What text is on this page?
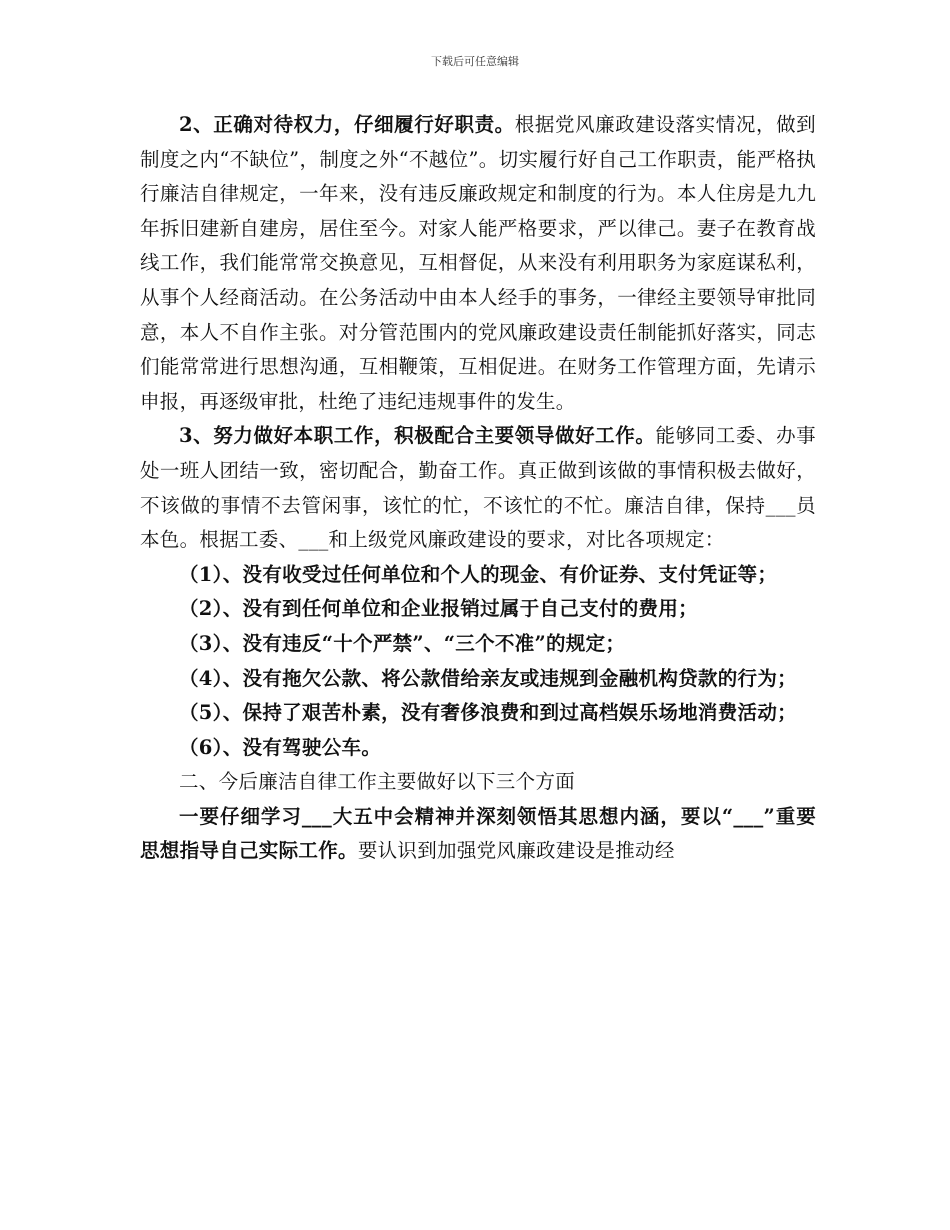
下载后可任意编辑

2、正确对待权力，仔细履行好职责。根据党风廉政建设落实情况，做到制度之内“不缺位”，制度之外“不越位”。切实履行好自己工作职责，能严格执行廉洁自律规定，一年来，没有违反廉政规定和制度的行为。本人住房是九九年拆旧建新自建房，居住至今。对家人能严格要求，严以律己。妻子在教育战线工作，我们能常常交换意见，互相督促，从来没有利用职务为家庭谋私利，从事个人经商活动。在公务活动中由本人经手的事务，一律经主要领导审批同意，本人不自作主张。对分管范围内的党风廉政建设责任制能抓好落实，同志们能常常进行思想沟通，互相鞭策，互相促进。在财务工作管理方面，先请示申报，再逐级审批，杜绝了违纪违规事件的发生。

3、努力做好本职工作，积极配合主要领导做好工作。能够同工委、办事处一班人团结一致，密切配合，勤奋工作。真正做到该做的事情积极去做好，不该做的事情不去管闲事，该忙的忙，不该忙的不忙。廉洁自律，保持___员本色。根据工委、___和上级党风廉政建设的要求，对比各项规定：

（1）、没有收受过任何单位和个人的现金、有价证券、支付凭证等；

（2）、没有到任何单位和企业报销过属于自己支付的费用；

（3）、没有违反“十个严禁”、“三个不准”的规定；

（4）、没有拖欠公款、将公款借给亲友或违规到金融机构贷款的行为；

（5）、保持了艰苦朴素，没有奢侈浪费和到过高档娱乐场地消费活动；

（6）、没有驾驶公车。

二、今后廉洁自律工作主要做好以下三个方面

一要仔细学习___大五中会精神并深刻领悟其思想内涵，要以“___”重要思想指导自己实际工作。要认识到加强党风廉政建设是推动经
